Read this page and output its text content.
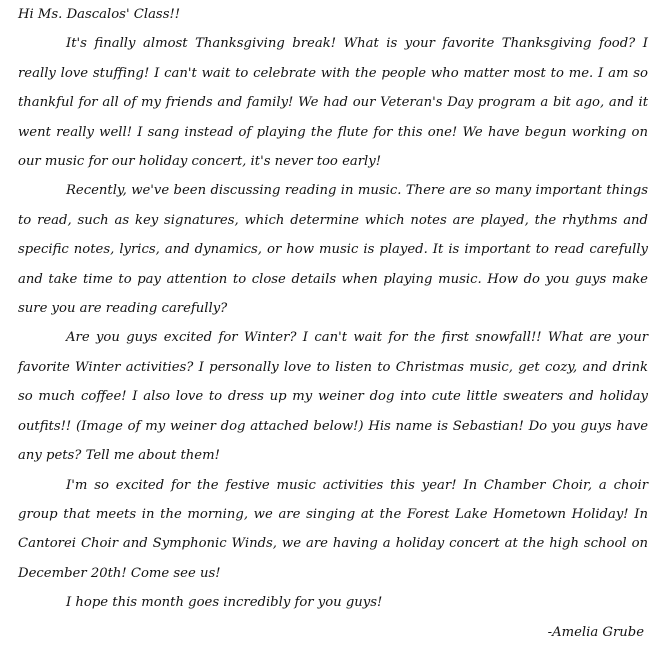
Hi Ms. Dascalos' Class!!

It's finally almost Thanksgiving break! What is your favorite Thanksgiving food? I really love stuffing! I can't wait to celebrate with the people who matter most to me. I am so thankful for all of my friends and family! We had our Veteran's Day program a bit ago, and it went really well! I sang instead of playing the flute for this one! We have begun working on our music for our holiday concert, it's never too early!

Recently, we've been discussing reading in music. There are so many important things to read, such as key signatures, which determine which notes are played, the rhythms and specific notes, lyrics, and dynamics, or how music is played. It is important to read carefully and take time to pay attention to close details when playing music. How do you guys make sure you are reading carefully?

Are you guys excited for Winter? I can't wait for the first snowfall!! What are your favorite Winter activities? I personally love to listen to Christmas music, get cozy, and drink so much coffee! I also love to dress up my weiner dog into cute little sweaters and holiday outfits!! (Image of my weiner dog attached below!) His name is Sebastian! Do you guys have any pets? Tell me about them!

I'm so excited for the festive music activities this year! In Chamber Choir, a choir group that meets in the morning, we are singing at the Forest Lake Hometown Holiday! In Cantorei Choir and Symphonic Winds, we are having a holiday concert at the high school on December 20th! Come see us!

I hope this month goes incredibly for you guys!

-Amelia Grube
